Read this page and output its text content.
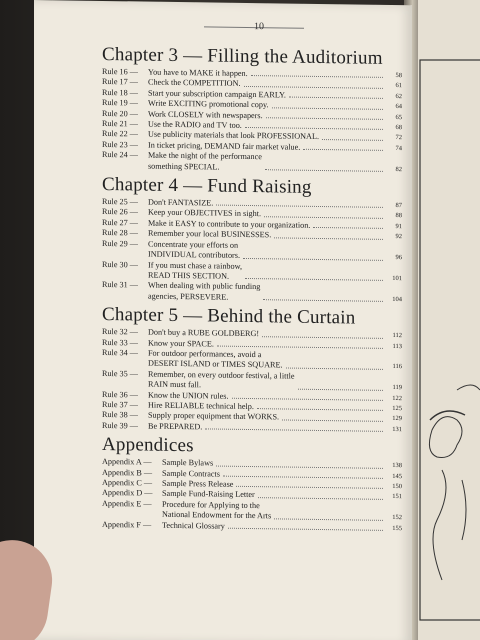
10
Chapter 3 — Filling the Auditorium
Rule 16 —	You have to MAKE it happen.	58
Rule 17 —	Check the COMPETITION.	61
Rule 18 —	Start your subscription campaign EARLY.	62
Rule 19 —	Write EXCITING promotional copy.	64
Rule 20 —	Work CLOSELY with newspapers.	65
Rule 21 —	Use the RADIO and TV too.	68
Rule 22 —	Use publicity materials that look PROFESSIONAL.	72
Rule 23 —	In ticket pricing, DEMAND fair market value.	74
Rule 24 —	Make the night of the performance
something SPECIAL.	82
Chapter 4 — Fund Raising
Rule 25 —	Don't FANTASIZE.	87
Rule 26 —	Keep your OBJECTIVES in sight.	88
Rule 27 —	Make it EASY to contribute to your organization.	91
Rule 28 —	Remember your local BUSINESSES.	92
Rule 29 —	Concentrate your efforts on
INDIVIDUAL contributors.	96
Rule 30 —	If you must chase a rainbow,
READ THIS SECTION.	101
Rule 31 —	When dealing with public funding
agencies, PERSEVERE.	104
Chapter 5 — Behind the Curtain
Rule 32 —	Don't buy a RUBE GOLDBERG!	112
Rule 33 —	Know your SPACE.	113
Rule 34 —	For outdoor performances, avoid a
DESERT ISLAND or TIMES SQUARE.	116
Rule 35 —	Remember, on every outdoor festival, a little
RAIN must fall.	119
Rule 36 —	Know the UNION rules.	122
Rule 37 —	Hire RELIABLE technical help.	125
Rule 38 —	Supply proper equipment that WORKS.	129
Rule 39 —	Be PREPARED.	131
Appendices
Appendix A —	Sample Bylaws	138
Appendix B —	Sample Contracts	145
Appendix C —	Sample Press Release	150
Appendix D —	Sample Fund-Raising Letter	151
Appendix E —	Procedure for Applying to the
National Endowment for the Arts	152
Appendix F —	Technical Glossary	155
